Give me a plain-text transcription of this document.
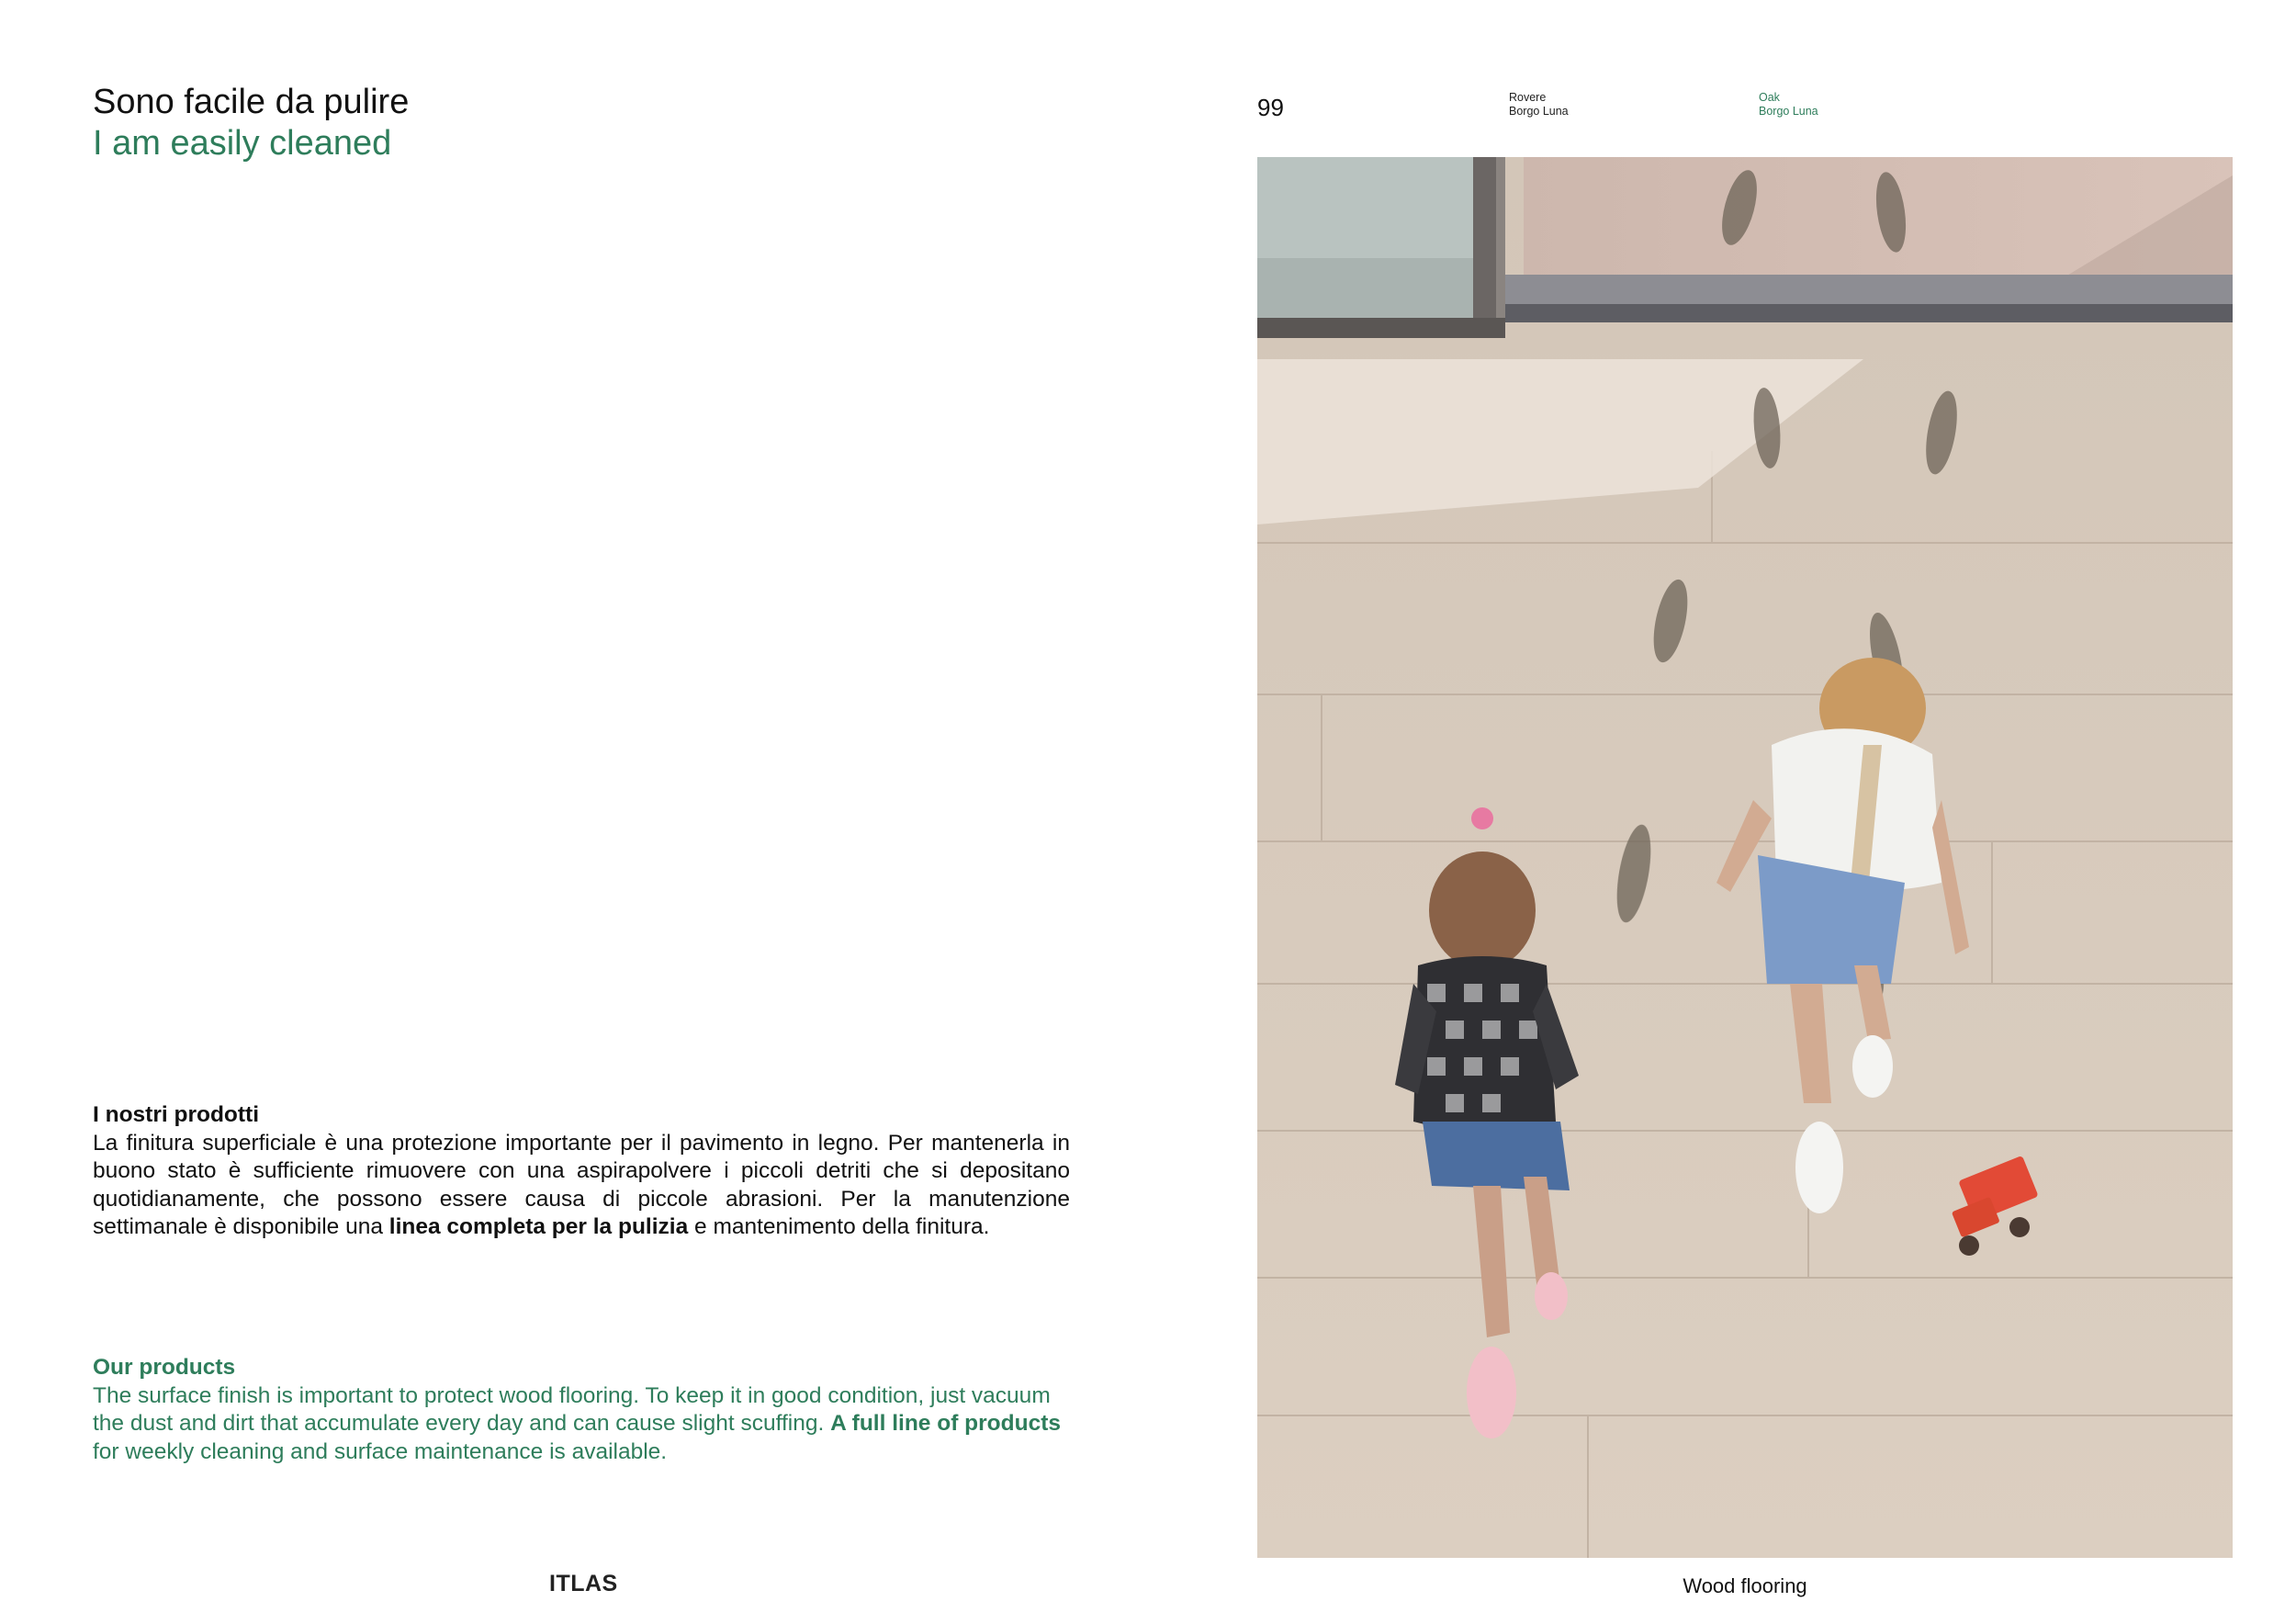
Sono facile da pulire
I am easily cleaned
I nostri prodotti

La finitura superficiale è una protezione importante per il pavimento in legno. Per mantenerla in buono stato è sufficiente rimuovere con una aspirapolvere i piccoli detriti che si depositano quotidianamente, che possono essere causa di piccole abrasioni. Per la manutenzione settimanale è disponibile una linea completa per la pulizia e mantenimento della finitura.

Our products

The surface finish is important to protect wood flooring. To keep it in good condition, just vacuum the dust and dirt that accumulate every day and can cause slight scuffing. A full line of products for weekly cleaning and surface maintenance is available.

ITLAS
99	Rovere
Borgo Luna
Oak
Borgo Luna
Wood flooring
